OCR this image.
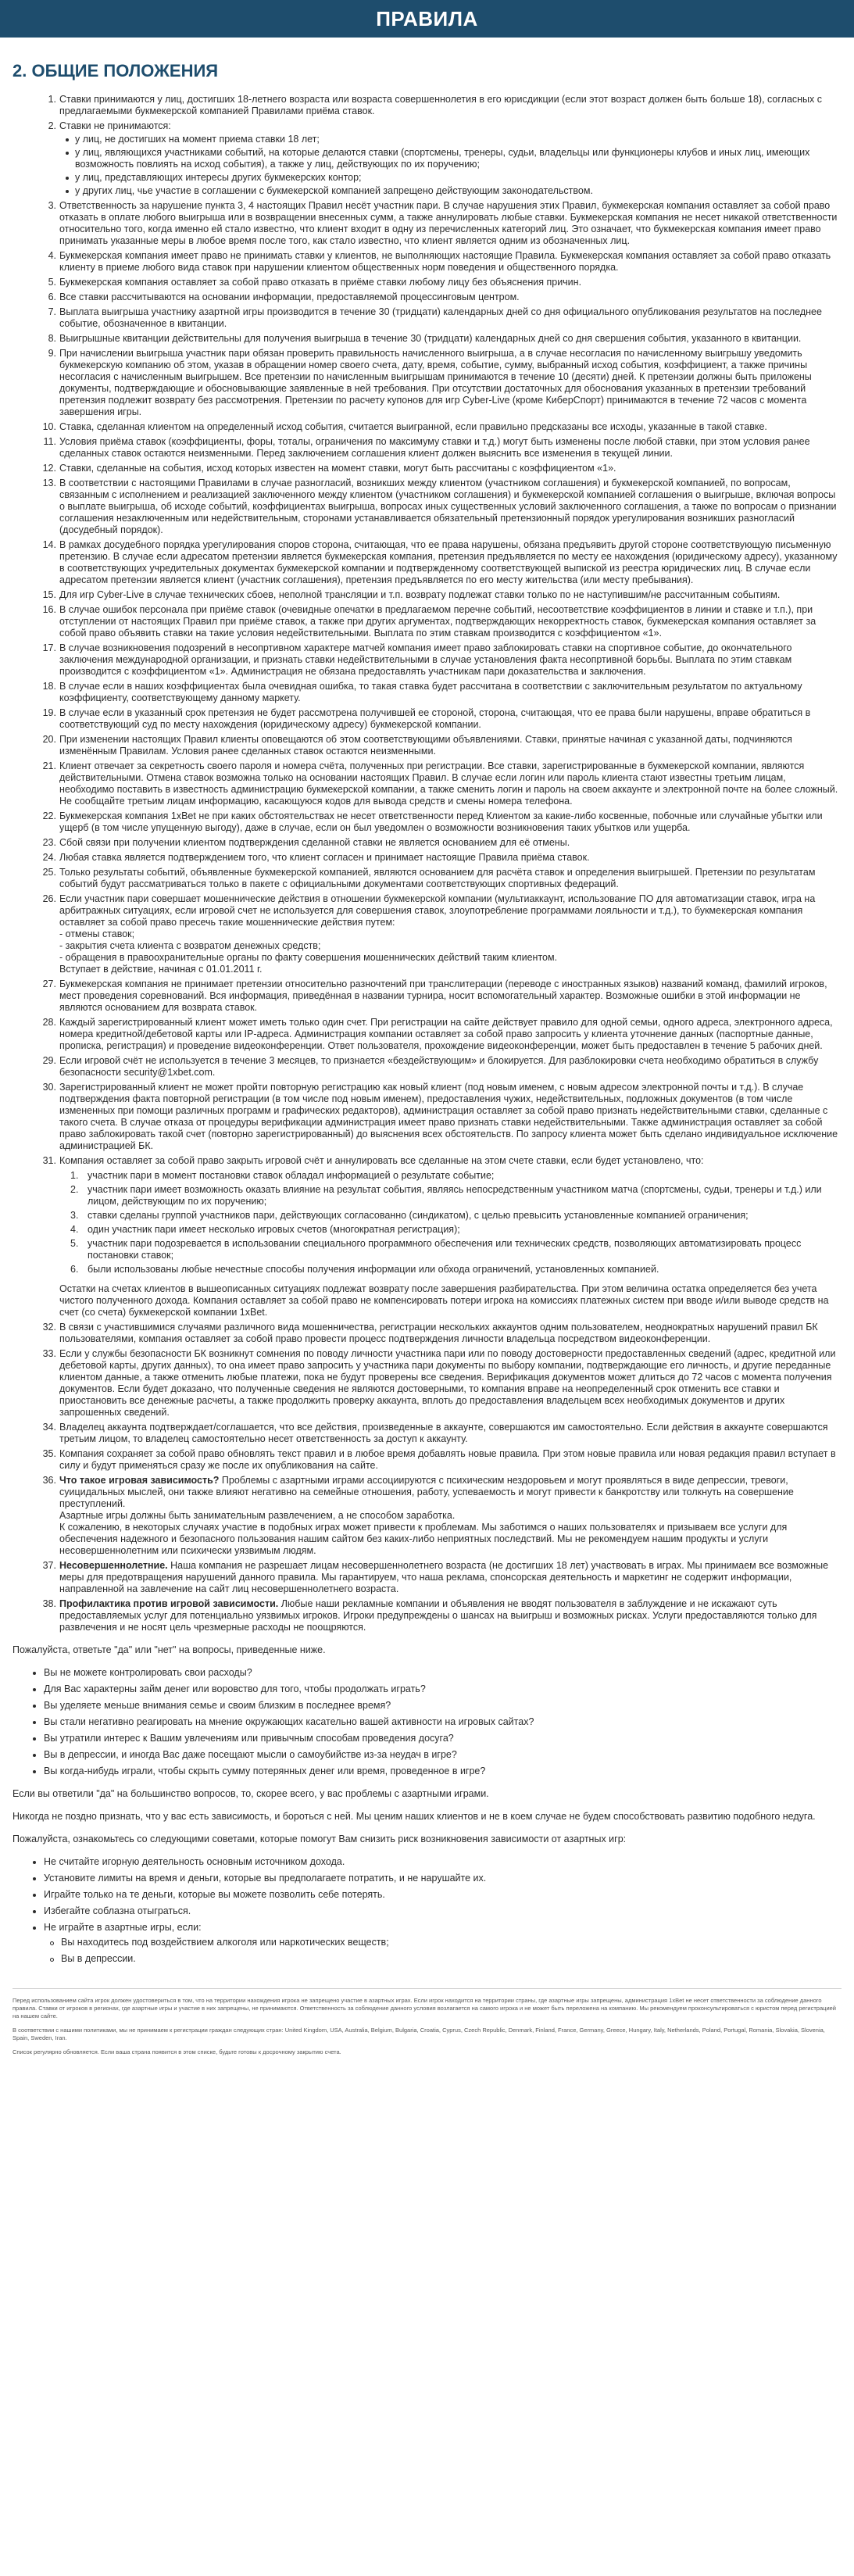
ПРАВИЛА
2. ОБЩИЕ ПОЛОЖЕНИЯ
1. Ставки принимаются у лиц, достигших 18-летнего возраста или возраста совершеннолетия в его юрисдикции (если этот возраст должен быть больше 18), согласных с предлагаемыми букмекерской компанией Правилами приёма ставок.
2. Ставки не принимаются:
у лиц, не достигших на момент приема ставки 18 лет;
у лиц, являющихся участниками событий, на которые делаются ставки (спортсмены, тренеры, судьи, владельцы или функционеры клубов и иных лиц, имеющих возможность повлиять на исход события), а также у лиц, действующих по их поручению;
у лиц, представляющих интересы других букмекерских контор;
у других лиц, чье участие в соглашении с букмекерской компанией запрещено действующим законодательством.
3. Ответственность за нарушение пункта 3, 4 настоящих Правил несёт участник пари. В случае нарушения этих Правил, букмекерская компания оставляет за собой право отказать в оплате любого выигрыша или в возвращении внесенных сумм, а также аннулировать любые ставки. Букмекерская компания не несет никакой ответственности относительно того, когда именно ей стало известно, что клиент входит в одну из перечисленных категорий лиц. Это означает, что букмекерская компания имеет право принимать указанные меры в любое время после того, как стало известно, что клиент является одним из обозначенных лиц.
4. Букмекерская компания имеет право не принимать ставки у клиентов, не выполняющих настоящие Правила. Букмекерская компания оставляет за собой право отказать клиенту в приеме любого вида ставок при нарушении клиентом общественных норм поведения и общественного порядка.
5. Букмекерская компания оставляет за собой право отказать в приёме ставки любому лицу без объяснения причин.
6. Все ставки рассчитываются на основании информации, предоставляемой процессинговым центром.
7. Выплата выигрыша участнику азартной игры производится в течение 30 (тридцати) календарных дней со дня официального опубликования результатов на последнее событие, обозначенное в квитанции.
8. Выигрышные квитанции действительны для получения выигрыша в течение 30 (тридцати) календарных дней со дня свершения события, указанного в квитанции.
9. При начислении выигрыша участник пари обязан проверить правильность начисленного выигрыша, а в случае несогласия по начисленному выигрышу уведомить букмекерскую компанию об этом, указав в обращении номер своего счета, дату, время, событие, сумму, выбранный исход события, коэффициент, а также причины несогласия с начисленным выигрышем. Все претензии по начисленным выигрышам принимаются в течение 10 (десяти) дней. К претензии должны быть приложены документы, подтверждающие и обосновывающие заявленные в ней требования. При отсутствии достаточных для обоснования указанных в претензии требований претензия подлежит возврату без рассмотрения. Претензии по расчету купонов для игр Cyber-Live (кроме КиберСпорт) принимаются в течение 72 часов с момента завершения игры.
10. Ставка, сделанная клиентом на определенный исход события, считается выигранной, если правильно предсказаны все исходы, указанные в такой ставке.
11. Условия приёма ставок (коэффициенты, форы, тоталы, ограничения по максимуму ставки и т.д.) могут быть изменены после любой ставки, при этом условия ранее сделанных ставок остаются неизменными. Перед заключением соглашения клиент должен выяснить все изменения в текущей линии.
12. Ставки, сделанные на события, исход которых известен на момент ставки, могут быть рассчитаны с коэффициентом «1».
13. В соответствии с настоящими Правилами в случае разногласий, возникших между клиентом (участником соглашения) и букмекерской компанией, по вопросам, связанным с исполнением и реализацией заключенного между клиентом (участником соглашения) и букмекерской компанией соглашения о выигрыше, включая вопросы о выплате выигрыша, об исходе событий, коэффициентах выигрыша, вопросах иных существенных условий заключенного соглашения, а также по вопросам о признании соглашения незаключенным или недействительным, сторонами устанавливается обязательный претензионный порядок урегулирования возникших разногласий (досудебный порядок).
14. В рамках досудебного порядка урегулирования споров сторона, считающая, что ее права нарушены, обязана предъявить другой стороне соответствующую письменную претензию. В случае если адресатом претензии является букмекерская компания, претензия предъявляется по месту ее нахождения (юридическому адресу), указанному в соответствующих учредительных документах букмекерской компании и подтвержденному соответствующей выпиской из реестра юридических лиц. В случае если адресатом претензии является клиент (участник соглашения), претензия предъявляется по его месту жительства (или месту пребывания).
15. Для игр Cyber-Live в случае технических сбоев, неполной трансляции и т.п. возврату подлежат ставки только по не наступившим/не рассчитанным событиям.
16. В случае ошибок персонала при приёме ставок (очевидные опечатки в предлагаемом перечне событий, несоответствие коэффициентов в линии и ставке и т.п.), при отступлении от настоящих Правил при приёме ставок, а также при других аргументах, подтверждающих некорректность ставок, букмекерская компания оставляет за собой право объявить ставки на такие условия недействительными. Выплата по этим ставкам производится с коэффициентом «1».
17. В случае возникновения подозрений в несопртивном характере матчей компания имеет право заблокировать ставки на спортивное событие, до окончательного заключения международной организации, и признать ставки недействительными в случае установления факта несопртивной борьбы. Выплата по этим ставкам производится с коэффициентом «1». Администрация не обязана предоставлять участникам пари доказательства и заключения.
18. В случае если в наших коэффициентах была очевидная ошибка, то такая ставка будет рассчитана в соответствии с заключительным результатом по актуальному коэффициенту, соответствующему данному маркету.
19. В случае если в указанный срок претензия не будет рассмотрена получившей ее стороной, сторона, считающая, что ее права были нарушены, вправе обратиться в соответствующий суд по месту нахождения (юридическому адресу) букмекерской компании.
20. При изменении настоящих Правил клиенты оповещаются об этом соответствующими объявлениями. Ставки, принятые начиная с указанной даты, подчиняются изменённым Правилам. Условия ранее сделанных ставок остаются неизменными.
21. Клиент отвечает за секретность своего пароля и номера счёта, полученных при регистрации. Все ставки, зарегистрированные в букмекерской компании, являются действительными. Отмена ставок возможна только на основании настоящих Правил. В случае если логин или пароль клиента стают известны третьим лицам, необходимо поставить в известность администрацию букмекерской компании, а также сменить логин и пароль на своем аккаунте и электронной почте на более сложный. Не сообщайте третьим лицам информацию, касающуюся кодов для вывода средств и смены номера телефона.
22. Букмекерская компания 1xBet не при каких обстоятельствах не несет ответственности перед Клиентом за какие-либо косвенные, побочные или случайные убытки или ущерб (в том числе упущенную выгоду), даже в случае, если он был уведомлен о возможности возникновения таких убытков или ущерба.
23. Сбой связи при получении клиентом подтверждения сделанной ставки не является основанием для её отмены.
24. Любая ставка является подтверждением того, что клиент согласен и принимает настоящие Правила приёма ставок.
25. Только результаты событий, объявленные букмекерской компанией, являются основанием для расчёта ставок и определения выигрышей. Претензии по результатам событий будут рассматриваться только в пакете с официальными документами соответствующих спортивных федераций.
26. Если участник пари совершает мошеннические действия в отношении букмекерской компании (мультиаккаунт, использование ПО для автоматизации ставок, игра на арбитражных ситуациях, если игровой счет не используется для совершения ставок, злоупотребление программами лояльности и т.д.), то букмекерская компания оставляет за собой право пресечь такие мошеннические действия путем:
- отмены ставок;
- закрытия счета клиента с возвратом денежных средств;
- обращения в правоохранительные органы по факту совершения мошеннических действий таким клиентом.
Вступает в действие, начиная с 01.01.2011 г.
27. Букмекерская компания не принимает претензии относительно разночтений при транслитерации (переводе с иностранных языков) названий команд, фамилий игроков, мест проведения соревнований. Вся информация, приведённая в названии турнира, носит вспомогательный характер. Возможные ошибки в этой информации не являются основанием для возврата ставок.
28. Каждый зарегистрированный клиент может иметь только один счет. При регистрации на сайте действует правило для одной семьи, одного адреса, электронного адреса, номера кредитной/дебетовой карты или IP-адреса. Администрация компании оставляет за собой право запросить у клиента уточнение данных (паспортные данные, прописка, регистрация) и проведение видеоконференции. Ответ пользователя, прохождение видеоконференции, может быть предоставлен в течение 5 рабочих дней.
29. Если игровой счёт не используется в течение 3 месяцев, то признается «бездействующим» и блокируется. Для разблокировки счета необходимо обратиться в службу безопасности security@1xbet.com.
30. Зарегистрированный клиент не может пройти повторную регистрацию как новый клиент (под новым именем, с новым адресом электронной почты и т.д.). В случае подтверждения факта повторной регистрации (в том числе под новым именем), предоставления чужих, недействительных, подложных документов (в том числе измененных при помощи различных программ и графических редакторов), администрация оставляет за собой право признать недействительными ставки, сделанные с такого счета. В случае отказа от процедуры верификации администрация имеет право признать ставки недействительными. Также администрация оставляет за собой право заблокировать такой счет (повторно зарегистрированный) до выяснения всех обстоятельств. По запросу клиента может быть сделано индивидуальное исключение администрацией БК.
31. Компания оставляет за собой право закрыть игровой счёт и аннулировать все сделанные на этом счете ставки, если будет установлено, что:
1. участник пари в момент постановки ставок обладал информацией о результате событие;
2. участник пари имеет возможность оказать влияние на результат события, являясь непосредственным участником матча (спортсмены, судьи, тренеры и т.д.) или лицом, действующим по их поручению;
3. ставки сделаны группой участников пари, действующих согласованно (синдикатом), с целью превысить установленные компанией ограничения;
4. один участник пари имеет несколько игровых счетов (многократная регистрация);
5. участник пари подозревается в использовании специального программного обеспечения или технических средств, позволяющих автоматизировать процесс постановки ставок;
6. были использованы любые нечестные способы получения информации или обхода ограничений, установленных компанией.

Остатки на счетах клиентов в вышеописанных ситуациях подлежат возврату после завершения разбирательства. При этом величина остатка определяется без учета чистого полученного дохода. Компания оставляет за собой право не компенсировать потери игрока на комиссиях платежных систем при вводе и/или выводе средств на счет (со счета) букмекерской компании 1xBet.

32. В связи с участившимися случаями различного вида мошенничества, регистрации нескольких аккаунтов одним пользователем, неоднократных нарушений правил БК пользователями, компания оставляет за собой право провести процесс подтверждения личности владельца посредством видеоконференции.
33. Если у службы безопасности БК возникнут сомнения по поводу личности участника пари или по поводу достоверности предоставленных сведений (адрес, кредитной или дебетовой карты, других данных), то она имеет право запросить у участника пари документы по выбору компании, подтверждающие его личность, и другие переданные клиентом данные, а также отменить любые платежи, пока не будут проверены все сведения. Верификация документов может длиться до 72 часов с момента получения документов. Если будет доказано, что полученные сведения не являются достоверными, то компания вправе на неопределенный срок отменить все ставки и приостановить все денежные расчеты, а также продолжить проверку аккаунта, вплоть до предоставления владельцем всех необходимых документов и других запрошенных сведений.
34. Владелец аккаунта подтверждает/соглашается, что все действия, произведенные в аккаунте, совершаются им самостоятельно. Если действия в аккаунте совершаются третьим лицом, то владелец самостоятельно несет ответственность за доступ к аккаунту.
35. Компания сохраняет за собой право обновлять текст правил и в любое время добавлять новые правила. При этом новые правила или новая редакция правил вступает в силу и будут применяться сразу же после их опубликования на сайте.
36. Что такое игровая зависимость? Проблемы с азартными играми ассоциируются с психическим нездоровьем и могут проявляться в виде депрессии, тревоги, суицидальных мыслей, они также влияют негативно на семейные отношения, работу, успеваемость и могут привести к банкротству или толкнуть на совершение преступлений.
Азартные игры должны быть занимательным развлечением, а не способом заработка.
К сожалению, в некоторых случаях участие в подобных играх может привести к проблемам. Мы заботимся о наших пользователях и призываем все услуги для обеспечения надежного и безопасного пользования нашим сайтом без каких-либо неприятных последствий. Мы не рекомендуем нашим продукты и услуги несовершеннолетним или психически уязвимым людям.
37. Несовершеннолетние. Наша компания не разрешает лицам несовершеннолетнего возраста (не достигших 18 лет) участвовать в играх. Мы принимаем все возможные меры для предотвращения нарушений данного правила. Мы гарантируем, что наша реклама, спонсорская деятельность и маркетинг не содержит информации, направленной на завлечение на сайт лиц несовершеннолетнего возраста.
38. Профилактика против игровой зависимости. Любые наши рекламные компании и объявления не вводят пользователя в заблуждение и не искажают суть предоставляемых услуг для потенциально уязвимых игроков. Игроки предупреждены о шансах на выигрыш и возможных рисках. Услуги предоставляются только для развлечения и не носят цель чрезмерные расходы не поощряются.

Пожалуйста, ответьте "да" или "нет" на вопросы, приведенные ниже.

Вы не можете контролировать свои расходы?
Для Вас характерны займ денег или воровство для того, чтобы продолжать играть?
Вы уделяете меньше внимания семье и своим близким в последнее время?
Вы стали негативно реагировать на мнение окружающих касательно вашей активности на игровых сайтах?
Вы утратили интерес к Вашим увлечениям или привычным способам проведения досуга?
Вы в депрессии, и иногда Вас даже посещают мысли о самоубийстве из-за неудач в игре?
Вы когда-нибудь играли, чтобы скрыть сумму потерянных денег или время, проведенное в игре?

Если вы ответили "да" на большинство вопросов, то, скорее всего, у вас проблемы с азартными играми.

Никогда не поздно признать, что у вас есть зависимость, и бороться с ней. Мы ценим наших клиентов и не в коем случае не будем способствовать развитию подобного недуга.

Пожалуйста, ознакомьтесь со следующими советами, которые помогут Вам снизить риск возникновения зависимости от азартных игр:

Не считайте игорную деятельность основным источником дохода.
Установите лимиты на время и деньги, которые вы предполагаете потратить, и не нарушайте их.
Играйте только на те деньги, которые вы можете позволить себе потерять.
Избегайте соблазна отыграться.
Не играйте в азартные игры, если:
Вы находитесь под воздействием алкоголя или наркотических веществ;
Вы в депрессии.

Перед использованием сайта игрок должен удостовериться в том, что на территории нахождения игрока не запрещено участие в азартных играх. Если игрок находится на территории страны, где азартные игры запрещены, администрация 1xBet не несет ответственности за соблюдение данного правила. Ставки от игроков в регионах, где азартные игры и участие в них запрещены, не принимаются. Ответственность за соблюдение данного условия возлагается на самого игрока и не может быть переложена на компанию. Мы рекомендуем проконсультироваться с юристом перед регистрацией на нашем сайте.

В соответствии с нашими политиками, мы не принимаем к регистрации граждан следующих стран: United Kingdom, USA, Australia, Belgium, Bulgaria, Croatia, Cyprus, Czech Republic, Denmark, Finland, France, Germany, Greece, Hungary, Italy, Netherlands, Poland, Portugal, Romania, Slovakia, Slovenia, Spain, Sweden, Iran.

Список регулярно обновляется. Если ваша страна появится в этом списке, будьте готовы к досрочному закрытию счета.
